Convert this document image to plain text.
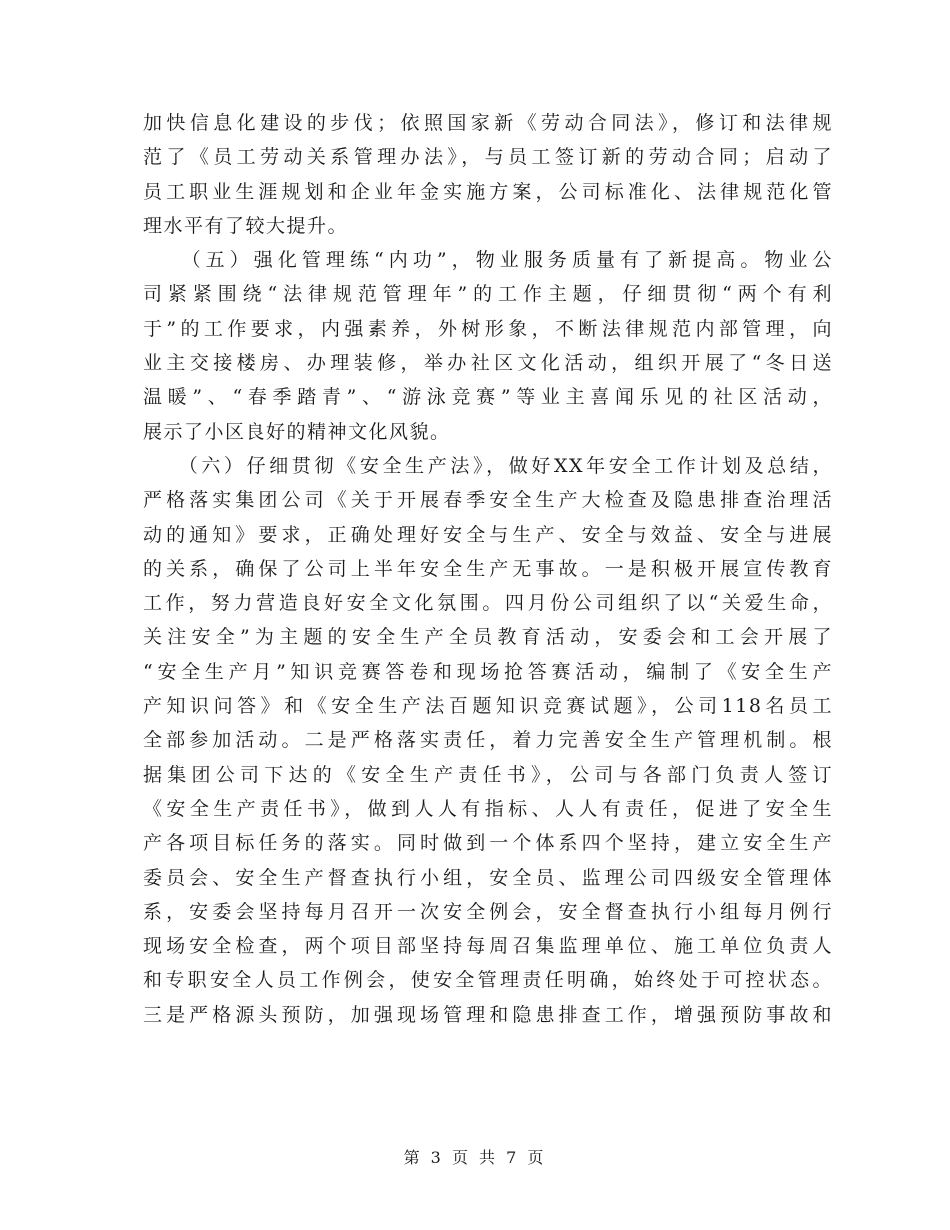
加快信息化建设的步伐；依照国家新《劳动合同法》，修订和法律规
范了《员工劳动关系管理办法》，与员工签订新的劳动合同；启动了
员工职业生涯规划和企业年金实施方案，公司标准化、法律规范化管
理水平有了较大提升。
　　（五）强化管理练“内功”，物业服务质量有了新提高。物业公
司紧紧围绕“法律规范管理年”的工作主题，仔细贯彻“两个有利
于”的工作要求，内强素养，外树形象，不断法律规范内部管理，向
业主交接楼房、办理装修，举办社区文化活动，组织开展了“冬日送
温暖”、“春季踏青”、“游泳竞赛”等业主喜闻乐见的社区活动，
展示了小区良好的精神文化风貌。
　　（六）仔细贯彻《安全生产法》，做好XX年安全工作计划及总结，
严格落实集团公司《关于开展春季安全生产大检查及隐患排查治理活
动的通知》要求，正确处理好安全与生产、安全与效益、安全与进展
的关系，确保了公司上半年安全生产无事故。一是积极开展宣传教育
工作，努力营造良好安全文化氛围。四月份公司组织了以“关爱生命，
关注安全”为主题的安全生产全员教育活动，安委会和工会开展了
“安全生产月”知识竞赛答卷和现场抢答赛活动，编制了《安全生产
产知识问答》和《安全生产法百题知识竞赛试题》，公司118名员工
全部参加活动。二是严格落实责任，着力完善安全生产管理机制。根
据集团公司下达的《安全生产责任书》，公司与各部门负责人签订
《安全生产责任书》，做到人人有指标、人人有责任，促进了安全生
产各项目标任务的落实。同时做到一个体系四个坚持，建立安全生产
委员会、安全生产督查执行小组，安全员、监理公司四级安全管理体
系，安委会坚持每月召开一次安全例会，安全督查执行小组每月例行
现场安全检查，两个项目部坚持每周召集监理单位、施工单位负责人
和专职安全人员工作例会，使安全管理责任明确，始终处于可控状态。
三是严格源头预防，加强现场管理和隐患排查工作，增强预防事故和
第 3 页 共 7 页
